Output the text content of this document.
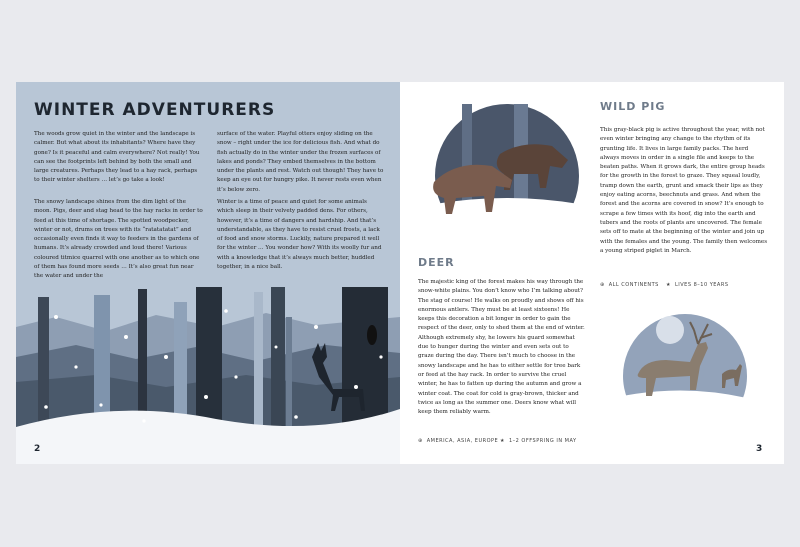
WINTER ADVENTURERS
The woods grow quiet in the winter and the landscape is calmer. But what about its inhabitants? Where have they gone? Is it peaceful and calm everywhere? Not really! You can see the footprints left behind by both the small and large creatures. Perhaps they lead to a hay rack, perhaps to their winter shelters … let’s go take a look!
The snowy landscape shines from the dim light of the moon. Pigs, deer and stag head to the hay racks in order to feed at this time of shortage. The spotted woodpecker, winter or not, drums on trees with its “ratatatatat” and occasionally even finds it way to feeders in the gardens of humans. It’s already crowded and loud there! Various coloured titmice quarrel with one another as to which one of them has found more seeds … It’s also great fun near the water and under the
surface of the water. Playful otters enjoy sliding on the snow – right under the ice for delicious fish. And what do fish actually do in the winter under the frozen surfaces of lakes and ponds? They embed themselves in the bottom under the plants and rest. Watch out though! They have to keep an eye out for hungry pike. It never rests even when it’s below zero.
Winter is a time of peace and quiet for some animals which sleep in their velvety padded dens. For others, however, it’s a time of dangers and hardship. And that’s understandable, as they have to resist cruel frosts, a lack of food and snow storms. Luckily, nature prepared it well for the winter … You wonder how? With its woolly fur and with a knowledge that it’s always much better, huddled together, in a nice ball.
2
WILD PIG
This gray-black pig is active throughout the year, with not even winter bringing any change to the rhythm of its grunting life. It lives in large family packs. The herd always moves in order in a single file and keeps to the beaten paths. When it grows dark, the entire group heads for the growth in the forest to graze. They squeal loudly, tramp down the earth, grunt and smack their lips as they enjoy eating acorns, beechnuts and grass. And when the forest and the acorns are covered in snow? It’s enough to scrape a few times with its hoof, dig into the earth and tubers and the roots of plants are uncovered. The female sets off to mate at the beginning of the winter and join up with the females and the young. The family then welcomes a young striped piglet in March.
⊕ ALL CONTINENTS ★ LIVES 8–10 YEARS
DEER
The majestic king of the forest makes his way through the snow-white plains. You don’t know who I’m talking about? The stag of course! He walks on proudly and shows off his enormous antlers. They must be at least sixteens! He keeps this decoration a bit longer in order to gain the respect of the deer, only to shed them at the end of winter. Although extremely shy, he lowers his guard somewhat due to hunger during the winter and even sets out to graze during the day. There isn’t much to choose in the snowy landscape and he has to either settle for tree bark or feed at the hay rack. In order to survive the cruel winter, he has to fatten up during the autumn and grow a winter coat. The coat for cold is gray-brown, thicker and twice as long as the summer one. Deers know what will keep them reliably warm.
⊕ AMERICA, ASIA, EUROPE ★ 1–2 OFFSPRING IN MAY
3
